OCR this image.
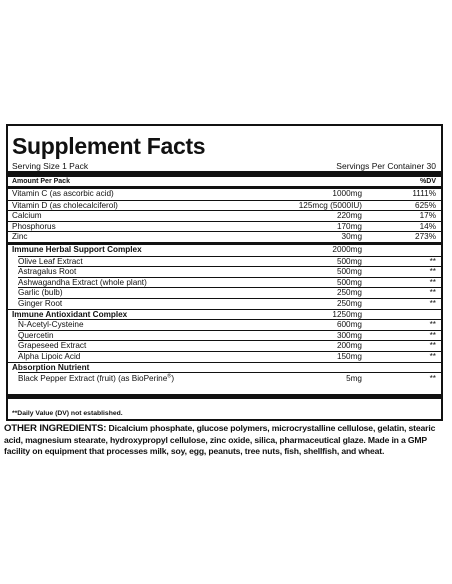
Supplement Facts
Serving Size 1 Pack	Servings Per Container 30
Amount Per Pack	%DV
Vitamin C (as ascorbic acid)	1000mg	1111%
Vitamin D (as cholecalciferol)	125mcg (5000IU)	625%
Calcium	220mg	17%
Phosphorus	170mg	14%
Zinc	30mg	273%
Immune Herbal Support Complex	2000mg
Olive Leaf Extract	500mg	**
Astragalus Root	500mg	**
Ashwagandha Extract (whole plant)	500mg	**
Garlic (bulb)	250mg	**
Ginger Root	250mg	**
Immune Antioxidant Complex	1250mg
N-Acetyl-Cysteine	600mg	**
Quercetin	300mg	**
Grapeseed Extract	200mg	**
Alpha Lipoic Acid	150mg	**
Absorption Nutrient
Black Pepper Extract (fruit) (as BioPerine®)	5mg	**
**Daily Value (DV) not established.
OTHER INGREDIENTS: Dicalcium phosphate, glucose polymers, microcrystalline cellulose, gelatin, stearic acid, magnesium stearate, hydroxypropyl cellulose, zinc oxide, silica, pharmaceutical glaze. Made in a GMP facility on equipment that processes milk, soy, egg, peanuts, tree nuts, fish, shellfish, and wheat.
